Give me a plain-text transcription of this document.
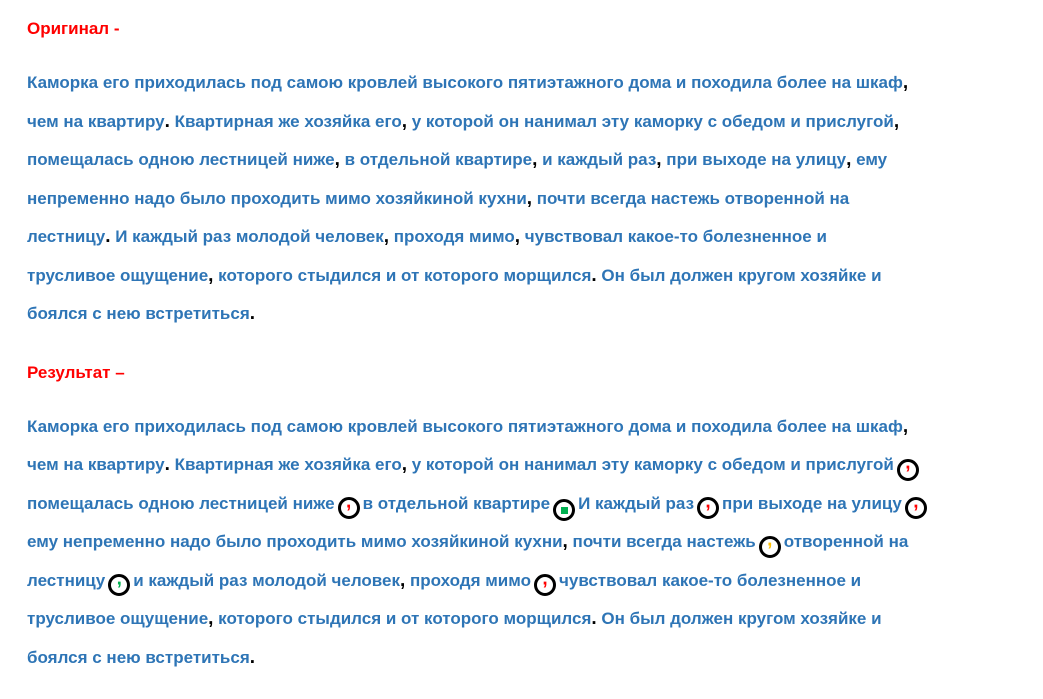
Оригинал -
Каморка его приходилась под самою кровлей высокого пятиэтажного дома и походила более на шкаф,
чем на квартиру. Квартирная же хозяйка его, у которой он нанимал эту каморку с обедом и прислугой,
помещалась одною лестницей ниже, в отдельной квартире, и каждый раз, при выходе на улицу, ему
непременно надо было проходить мимо хозяйкиной кухни, почти всегда настежь отворенной на
лестницу. И каждый раз молодой человек, проходя мимо, чувствовал какое-то болезненное и
трусливое ощущение, которого стыдился и от которого морщился. Он был должен кругом хозяйке и
боялся с нею встретиться.
Результат –
Каморка его приходилась под самою кровлей высокого пятиэтажного дома и походила более на шкаф,
чем на квартиру. Квартирная же хозяйка его, у которой он нанимал эту каморку с обедом и прислугой ,
помещалась одною лестницей ниже , в отдельной квартире И каждый раз , при выходе на улицу ,
ему непременно надо было проходить мимо хозяйкиной кухни, почти всегда настежь , отворенной на
лестницу , и каждый раз молодой человек, проходя мимо , чувствовал какое-то болезненное и
трусливое ощущение, которого стыдился и от которого морщился. Он был должен кругом хозяйке и
боялся с нею встретиться.
